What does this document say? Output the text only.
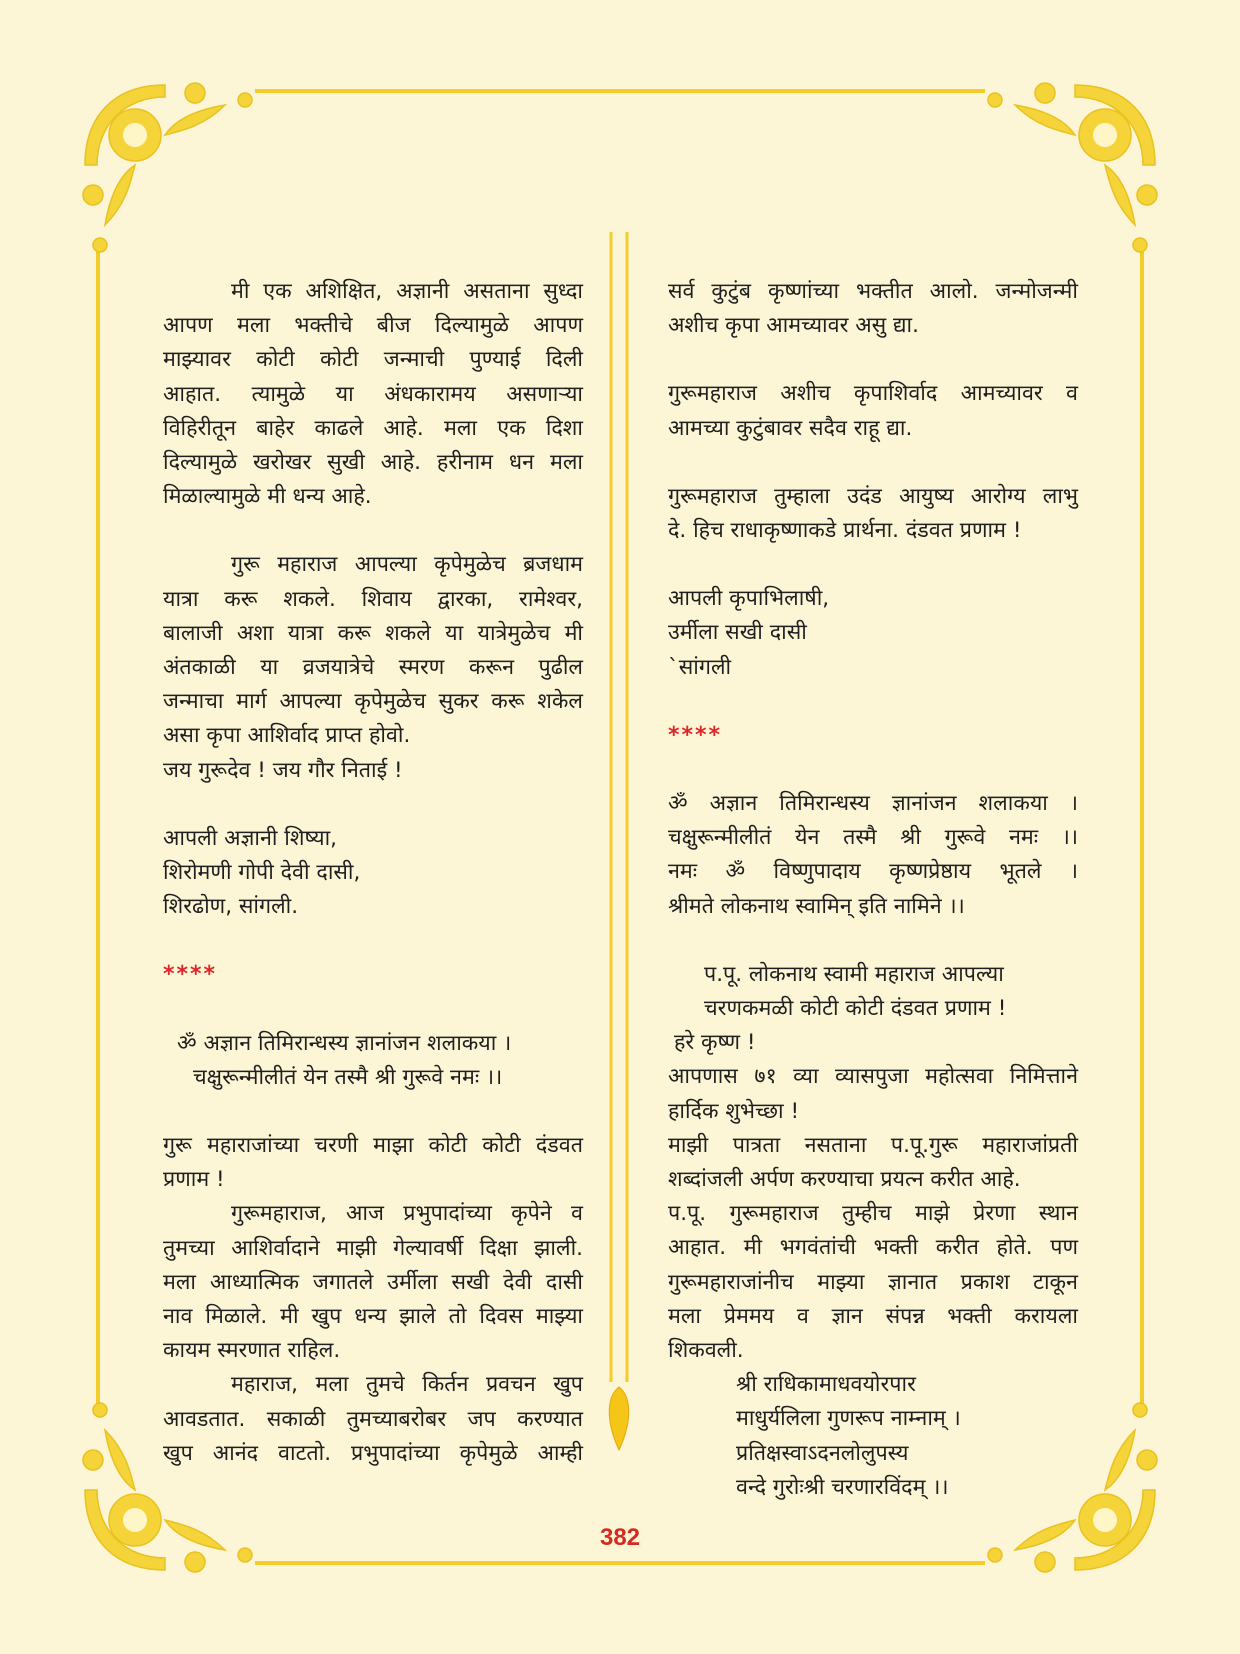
मी एक अशिक्षित, अज्ञानी असताना सुध्दा

आपण मला भक्तीचे बीज दिल्यामुळे आपण

माझ्यावर कोटी कोटी जन्माची पुण्याई दिली

आहात. त्यामुळे या अंधकारामय असणाऱ्या

विहिरीतून बाहेर काढले आहे. मला एक दिशा

दिल्यामुळे खरोखर सुखी आहे. हरीनाम धन मला

मिळाल्यामुळे मी धन्य आहे.

गुरू महाराज आपल्या कृपेमुळेच ब्रजधाम

यात्रा करू शकले. शिवाय द्वारका, रामेश्वर,

बालाजी अशा यात्रा करू शकले या यात्रेमुळेच मी

अंतकाळी या व्रजयात्रेचे स्मरण करून पुढील

जन्माचा मार्ग आपल्या कृपेमुळेच सुकर करू शकेल

असा कृपा आशिर्वाद प्राप्त होवो.

जय गुरूदेव ! जय गौर निताई !

आपली अज्ञानी शिष्या,

शिरोमणी गोपी देवी दासी,

शिरढोण, सांगली.

****

ॐ अज्ञान तिमिरान्धस्य ज्ञानांजन शलाकया ।

चक्षुरून्मीलीतं येन तस्मै श्री गुरूवे नमः ।।

गुरू महाराजांच्या चरणी माझा कोटी कोटी दंडवत

प्रणाम !

गुरूमहाराज, आज प्रभुपादांच्या कृपेने व

तुमच्या आशिर्वादाने माझी गेल्यावर्षी दिक्षा झाली.

मला आध्यात्मिक जगातले उर्मीला सखी देवी दासी

नाव मिळाले. मी खुप धन्य झाले तो दिवस माझ्या

कायम स्मरणात राहिल.

महाराज, मला तुमचे किर्तन प्रवचन खुप

आवडतात. सकाळी तुमच्याबरोबर जप करण्यात

खुप आनंद वाटतो. प्रभुपादांच्या कृपेमुळे आम्ही

सर्व कुटुंब कृष्णांच्या भक्तीत आलो. जन्मोजन्मी

अशीच कृपा आमच्यावर असु द्या.

गुरूमहाराज अशीच कृपाशिर्वाद आमच्यावर व

आमच्या कुटुंबावर सदैव राहू द्या.

गुरूमहाराज तुम्हाला उदंड आयुष्य आरोग्य लाभु

दे. हिच राधाकृष्णाकडे प्रार्थना. दंडवत प्रणाम !

आपली कृपाभिलाषी,

उर्मीला सखी दासी

`सांगली

****

ॐ अज्ञान तिमिरान्धस्य ज्ञानांजन शलाकया ।

चक्षुरून्मीलीतं येन तस्मै श्री गुरूवे नमः ।।

नमः ॐ विष्णुपादाय कृष्णप्रेष्ठाय भूतले ।

श्रीमते लोकनाथ स्वामिन् इति नामिने ।।

प.पू. लोकनाथ स्वामी महाराज आपल्या

चरणकमळी कोटी कोटी दंडवत प्रणाम !

हरे कृष्ण !

आपणास ७१ व्या व्यासपुजा महोत्सवा निमित्ताने

हार्दिक शुभेच्छा !

माझी पात्रता नसताना प.पू.गुरू महाराजांप्रती

शब्दांजली अर्पण करण्याचा प्रयत्न करीत आहे.

प.पू. गुरूमहाराज तुम्हीच माझे प्रेरणा स्थान

आहात. मी भगवंतांची भक्ती करीत होते. पण

गुरूमहाराजांनीच माझ्या ज्ञानात प्रकाश टाकून

मला प्रेममय व ज्ञान संपन्न भक्ती करायला

शिकवली.

श्री राधिकामाधवयोरपार

माधुर्यलिला गुणरूप नाम्नाम् ।

प्रतिक्षस्वाऽदनलोलुपस्य

वन्दे गुरोःश्री चरणारविंदम् ।।

382
